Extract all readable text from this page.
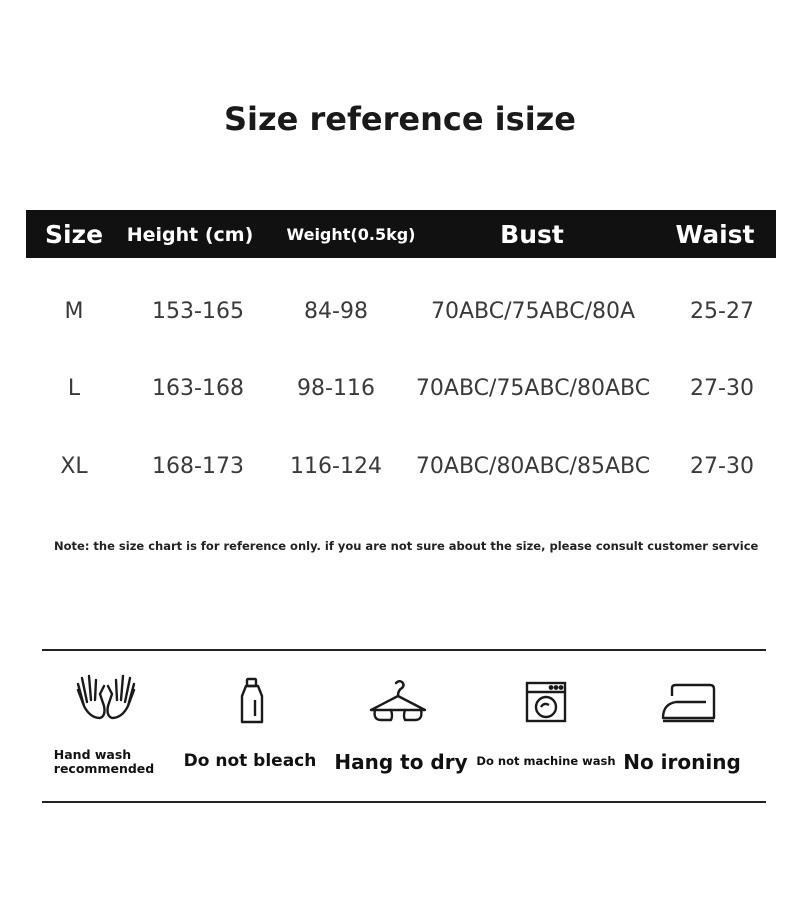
Size reference isize
Size Height (cm) Weight(0.5kg)	Bust	Waist
M	153-165	84-98	70ABC/75ABC/80A 25-27
L	163-168 98-116 70ABC/75ABC/80ABC 27-30
XL	168-173 116-124 70ABC/80ABC/85ABC 27-30
Note: the size chart is for reference only. if you are not sure about the size, please consult customer service
Hand wash
recommended Do not bleach Hang to dry Do not machine wash No ironing
